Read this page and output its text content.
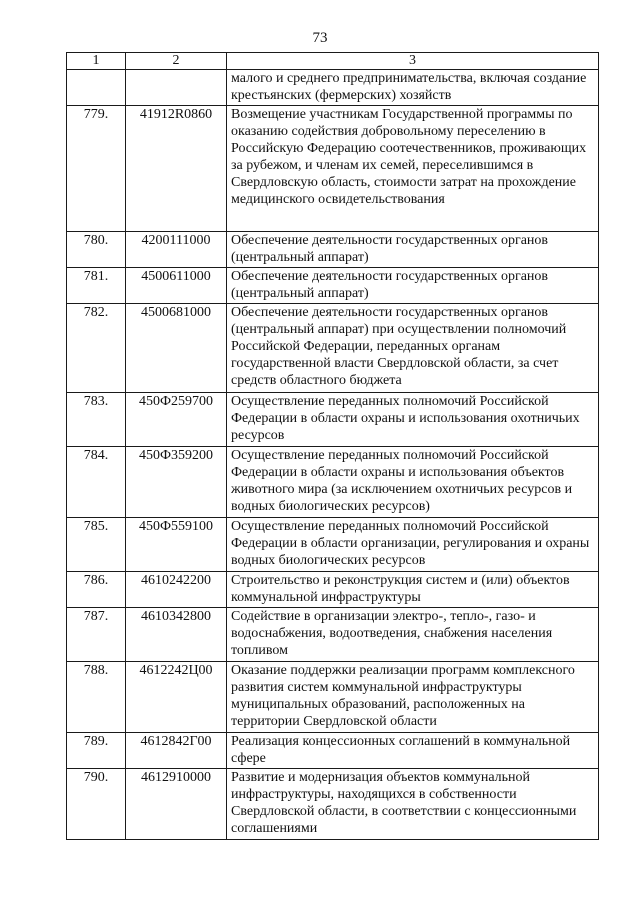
73
1	2	3
		малого и среднего предпринимательства, включая создание крестьянских (фермерских) хозяйств
779.	41912R0860	Возмещение участникам Государственной программы по оказанию содействия добровольному переселению в Российскую Федерацию соотечественников, проживающих за рубежом, и членам их семей, переселившимся в Свердловскую область, стоимости затрат на прохождение медицинского освидетельствования
780.	4200111000	Обеспечение деятельности государственных органов (центральный аппарат)
781.	4500611000	Обеспечение деятельности государственных органов (центральный аппарат)
782.	4500681000	Обеспечение деятельности государственных органов (центральный аппарат) при осуществлении полномочий Российской Федерации, переданных органам государственной власти Свердловской области, за счет средств областного бюджета
783.	450Ф259700	Осуществление переданных полномочий Российской Федерации в области охраны и использования охотничьих ресурсов
784.	450Ф359200	Осуществление переданных полномочий Российской Федерации в области охраны и использования объектов животного мира (за исключением охотничьих ресурсов и водных биологических ресурсов)
785.	450Ф559100	Осуществление переданных полномочий Российской Федерации в области организации, регулирования и охраны водных биологических ресурсов
786.	4610242200	Строительство и реконструкция систем и (или) объектов коммунальной инфраструктуры
787.	4610342800	Содействие в организации электро-, тепло-, газо- и водоснабжения, водоотведения, снабжения населения топливом
788.	4612242Ц00	Оказание поддержки реализации программ комплексного развития систем коммунальной инфраструктуры муниципальных образований, расположенных на территории Свердловской области
789.	4612842Г00	Реализация концессионных соглашений в коммунальной сфере
790.	4612910000	Развитие и модернизация объектов коммунальной инфраструктуры, находящихся в собственности Свердловской области, в соответствии с концессионными соглашениями
